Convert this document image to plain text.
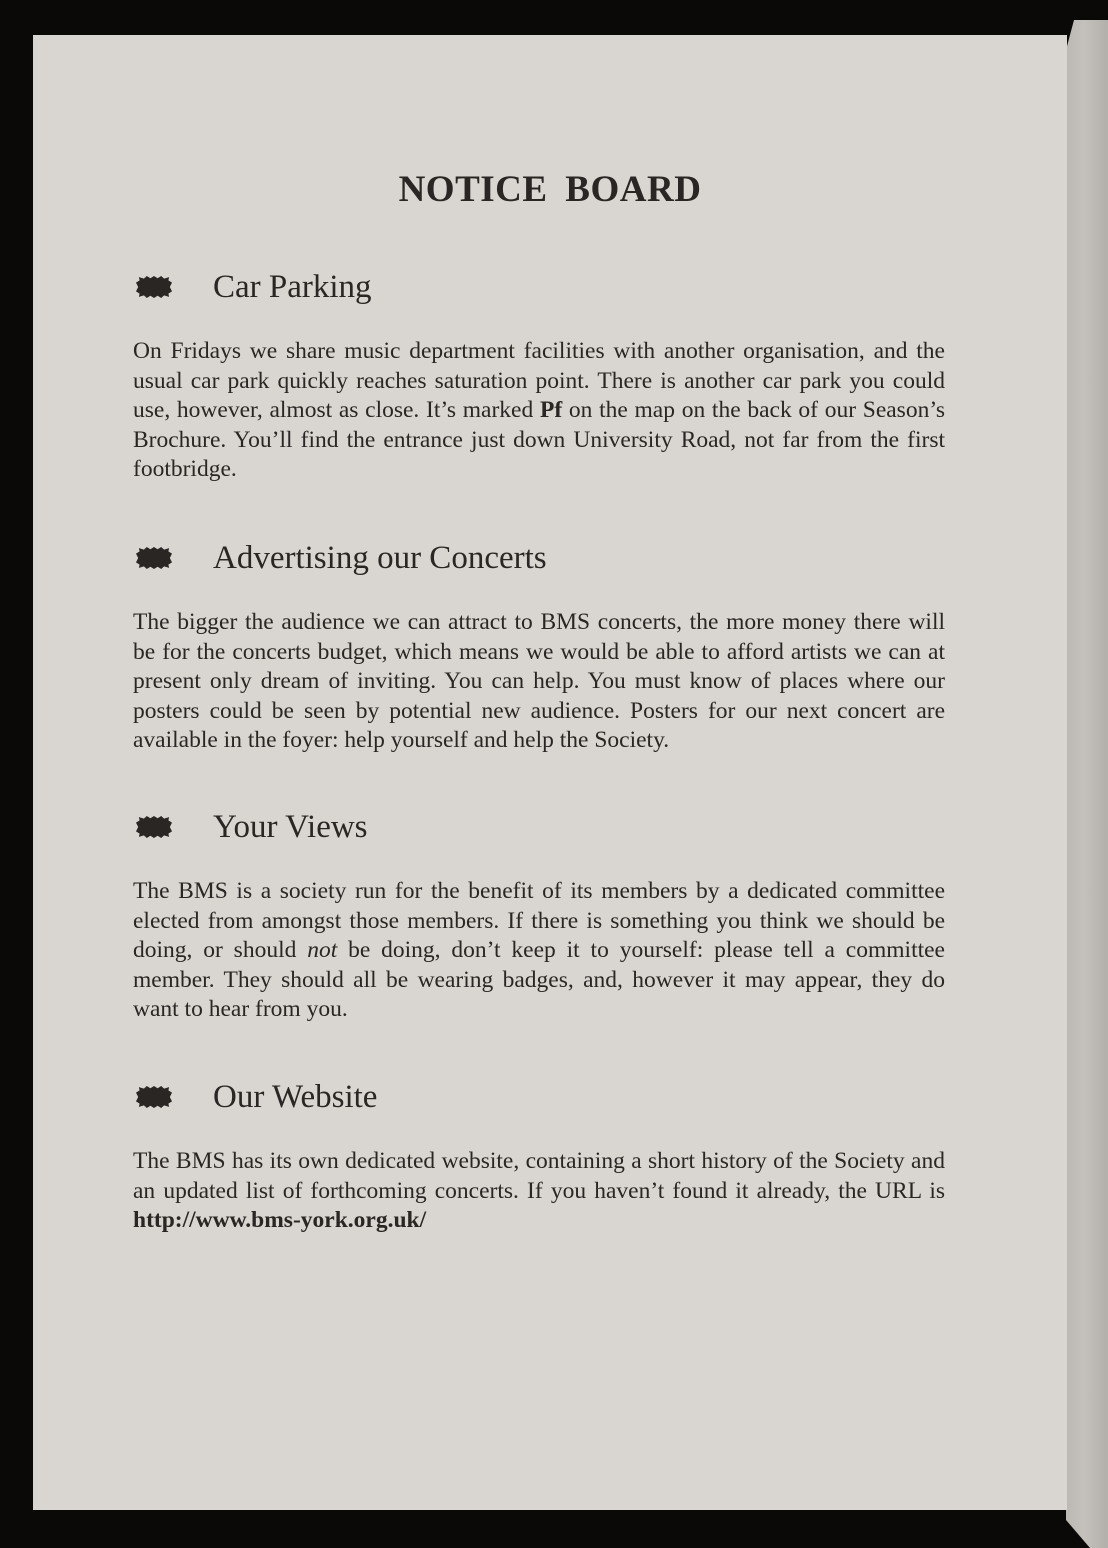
NOTICE BOARD
Car Parking

On Fridays we share music department facilities with another organisation, and the usual car park quickly reaches saturation point. There is another car park you could use, however, almost as close. It’s marked Pf on the map on the back of our Season’s Brochure. You’ll find the entrance just down University Road, not far from the first footbridge.

Advertising our Concerts

The bigger the audience we can attract to BMS concerts, the more money there will be for the concerts budget, which means we would be able to afford artists we can at present only dream of inviting. You can help. You must know of places where our posters could be seen by potential new audience. Posters for our next concert are available in the foyer: help yourself and help the Society.

Your Views

The BMS is a society run for the benefit of its members by a dedicated committee elected from amongst those members. If there is something you think we should be doing, or should not be doing, don’t keep it to yourself: please tell a committee member. They should all be wearing badges, and, however it may appear, they do want to hear from you.

Our Website

The BMS has its own dedicated website, containing a short history of the Society and an updated list of forthcoming concerts. If you haven’t found it already, the URL is http://www.bms-york.org.uk/
